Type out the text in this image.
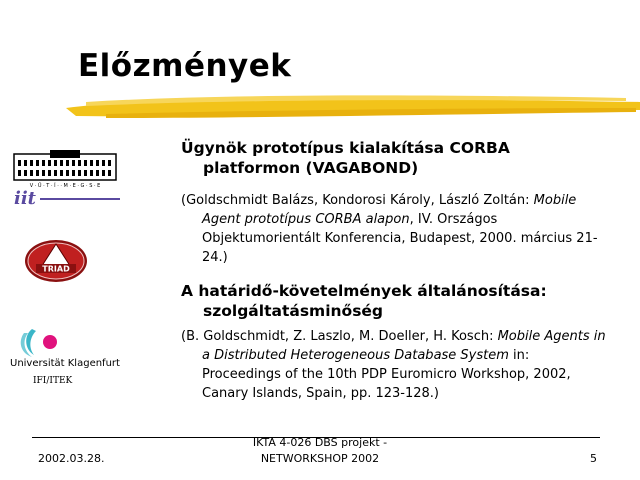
Előzmények
V · Ü · T · Í · · M · E · G · S · E
iit
TRIAD
Universität Klagenfurt
IFI/ITEK

Ügynök prototípus kialakítása CORBA platformon (VAGABOND)

(Goldschmidt Balázs, Kondorosi Károly, László Zoltán: Mobile Agent prototípus CORBA alapon, IV. Országos Objektumorientált Konferencia, Budapest, 2000. március 21-24.)

A határidő-követelmények általánosítása: szolgáltatásminőség

(B. Goldschmidt, Z. Laszlo, M. Doeller, H. Kosch: Mobile Agents in a Distributed Heterogeneous Database System in: Proceedings of the 10th PDP Euromicro Workshop, 2002, Canary Islands, Spain, pp. 123-128.)

2002.03.28.
IKTA 4-026 DBS projekt -
NETWORKSHOP 2002	5
